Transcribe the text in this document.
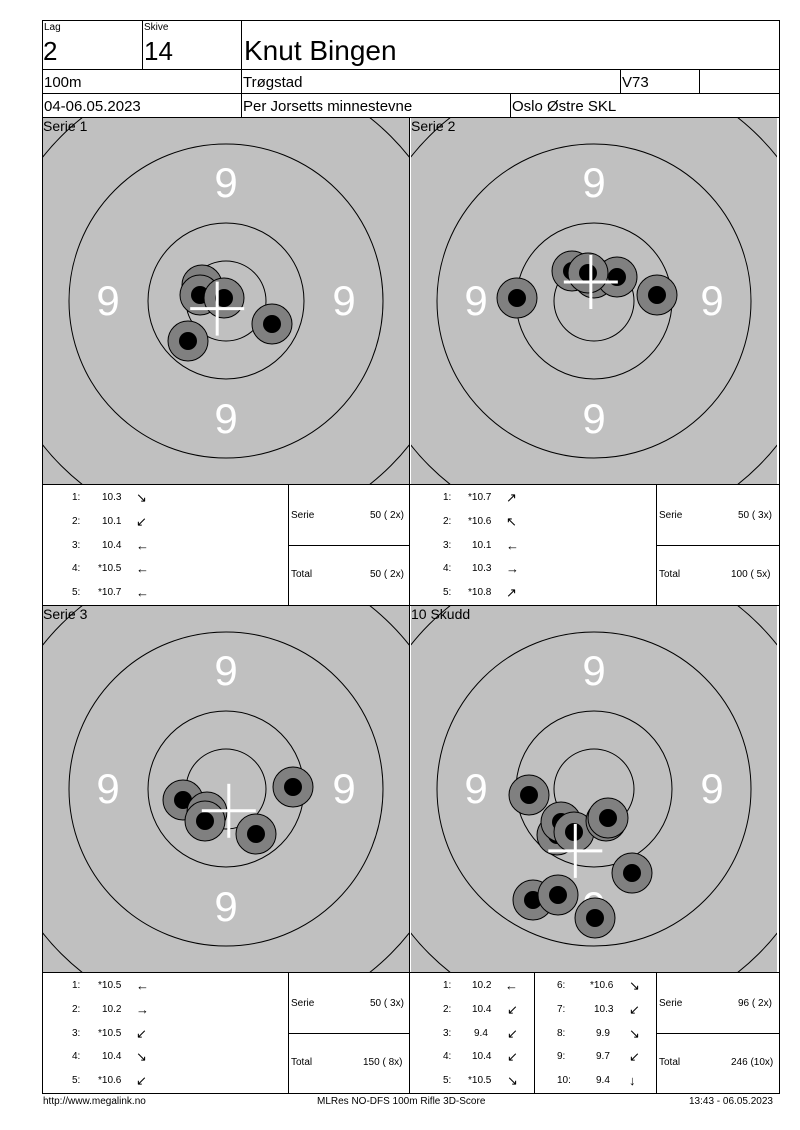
Lag
2
Skive
14	Knut Bingen
100m	Trøgstad	V73
04-06.05.2023	Per Jorsetts minnestevne	Oslo Østre SKL
9
9	9
9
Serie 1
9
9	9
9
Serie 2
9
9	9
9
Serie 3
9
9	9
10 Skudd
1: 10.3 ↘
2: 10.1 ↙
3: 10.4 ←
4: *10.5 ←
5: *10.7 ←
Serie	50 ( 2x)
Total	50 ( 2x)
1: *10.7 ↗
2: *10.6 ↖
3: 10.1 ←
4: 10.3 →
5: *10.8 ↗
Serie	50 ( 3x)
Total	100 ( 5x)
1: *10.5 ←
2: 10.2 →
3: *10.5 ↙
4: 10.4 ↘
5: *10.6 ↙
Serie	50 ( 3x)
Total	150 ( 8x)
1: 10.2 ←
2: 10.4 ↙
3: 9.4 ↙
4: 10.4 ↙
5: *10.5 ↘
6: *10.6 ↘
7:	10.3 ↙
8:	9.9 ↘
9:	9.7 ↙
10:	9.4 ↓
Serie	96 ( 2x)
Total	246 (10x)
http://www.megalink.no	MLRes NO-DFS 100m Rifle 3D-Score	13:43 - 06.05.2023
